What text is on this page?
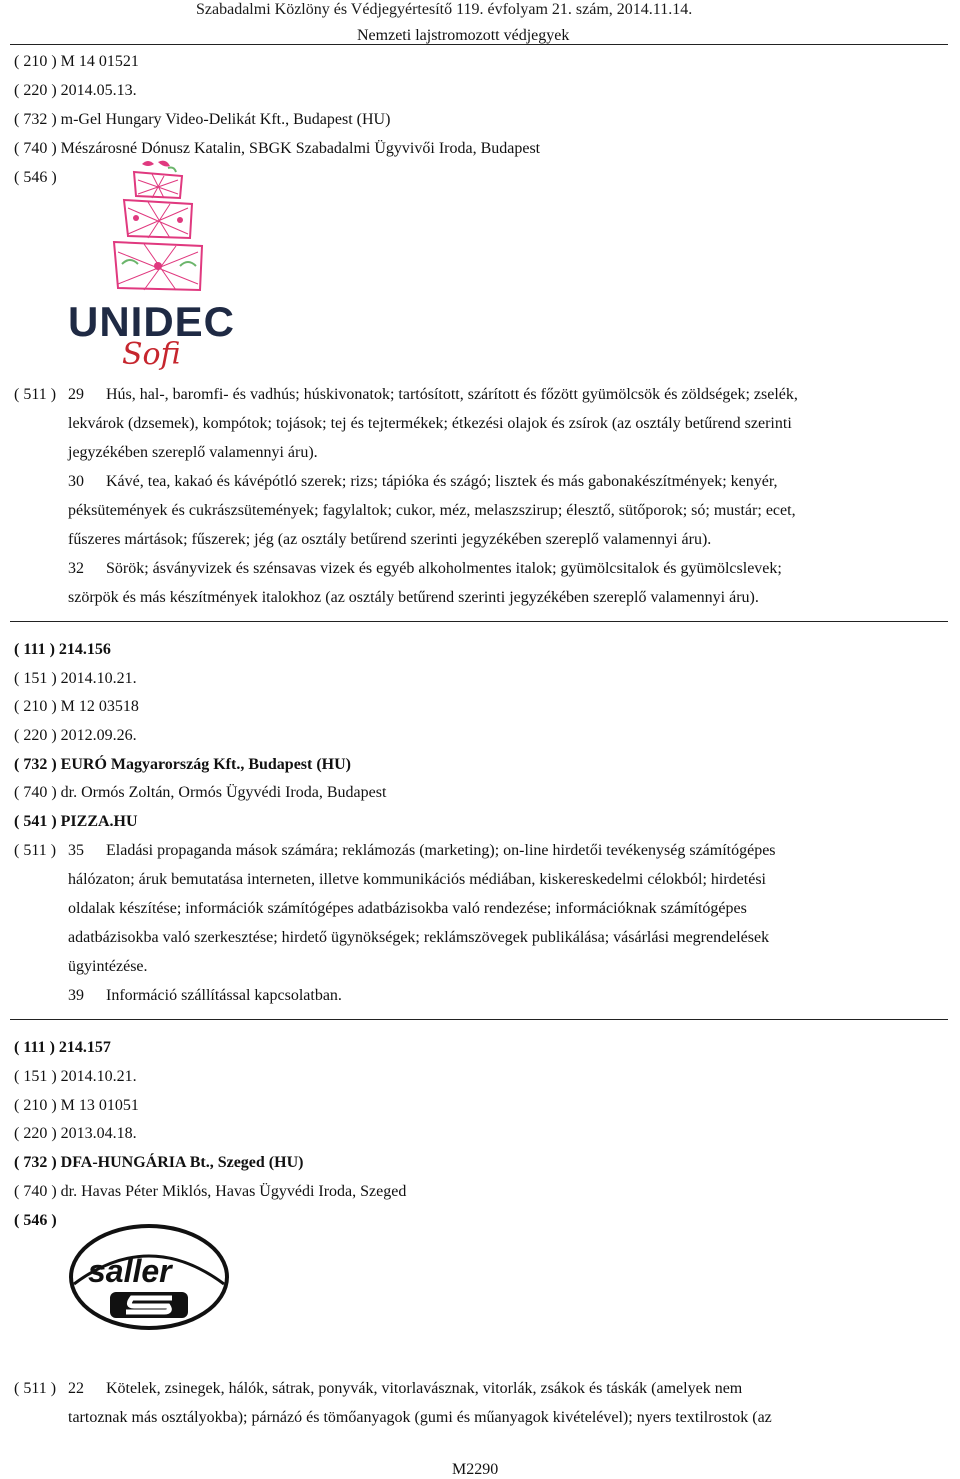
Szabadalmi Közlöny és Védjegyértesítő 119. évfolyam 21. szám, 2014.11.14.
Nemzeti lajstromozott védjegyek
( 210 ) M 14 01521
( 220 ) 2014.05.13.
( 732 ) m-Gel Hungary Video-Delikát Kft., Budapest (HU)
( 740 ) Mészárosné Dónusz Katalin, SBGK Szabadalmi Ügyvivői Iroda, Budapest
( 546 )
UNIDEC
Sofi
( 511 ) 29 Hús, hal-, baromfi- és vadhús; húskivonatok; tartósított, szárított és főzött gyümölcsök és zöldségek; zselék,
lekvárok (dzsemek), kompótok; tojások; tej és tejtermékek; étkezési olajok és zsírok (az osztály betűrend szerinti
jegyzékében szereplő valamennyi áru).
30 Kávé, tea, kakaó és kávépótló szerek; rizs; tápióka és szágó; lisztek és más gabonakészítmények; kenyér,
péksütemények és cukrászsütemények; fagylaltok; cukor, méz, melaszszirup; élesztő, sütőporok; só; mustár; ecet,
fűszeres mártások; fűszerek; jég (az osztály betűrend szerinti jegyzékében szereplő valamennyi áru).
32 Sörök; ásványvizek és szénsavas vizek és egyéb alkoholmentes italok; gyümölcsitalok és gyümölcslevek;
szörpök és más készítmények italokhoz (az osztály betűrend szerinti jegyzékében szereplő valamennyi áru).
( 111 ) 214.156
( 151 ) 2014.10.21.
( 210 ) M 12 03518
( 220 ) 2012.09.26.
( 732 ) EURÓ Magyarország Kft., Budapest (HU)
( 740 ) dr. Ormós Zoltán, Ormós Ügyvédi Iroda, Budapest
( 541 ) PIZZA.HU
( 511 ) 35 Eladási propaganda mások számára; reklámozás (marketing); on-line hirdetői tevékenység számítógépes
hálózaton; áruk bemutatása interneten, illetve kommunikációs médiában, kiskereskedelmi célokból; hirdetési
oldalak készítése; információk számítógépes adatbázisokba való rendezése; információknak számítógépes
adatbázisokba való szerkesztése; hirdető ügynökségek; reklámszövegek publikálása; vásárlási megrendelések
ügyintézése.
39 Információ szállítással kapcsolatban.
( 111 ) 214.157
( 151 ) 2014.10.21.
( 210 ) M 13 01051
( 220 ) 2013.04.18.
( 732 ) DFA-HUNGÁRIA Bt., Szeged (HU)
( 740 ) dr. Havas Péter Miklós, Havas Ügyvédi Iroda, Szeged
( 546 )
saller
( 511 ) 22 Kötelek, zsinegek, hálók, sátrak, ponyvák, vitorlavásznak, vitorlák, zsákok és táskák (amelyek nem
tartoznak más osztályokba); párnázó és tömőanyagok (gumi és műanyagok kivételével); nyers textilrostok (az
M2290
